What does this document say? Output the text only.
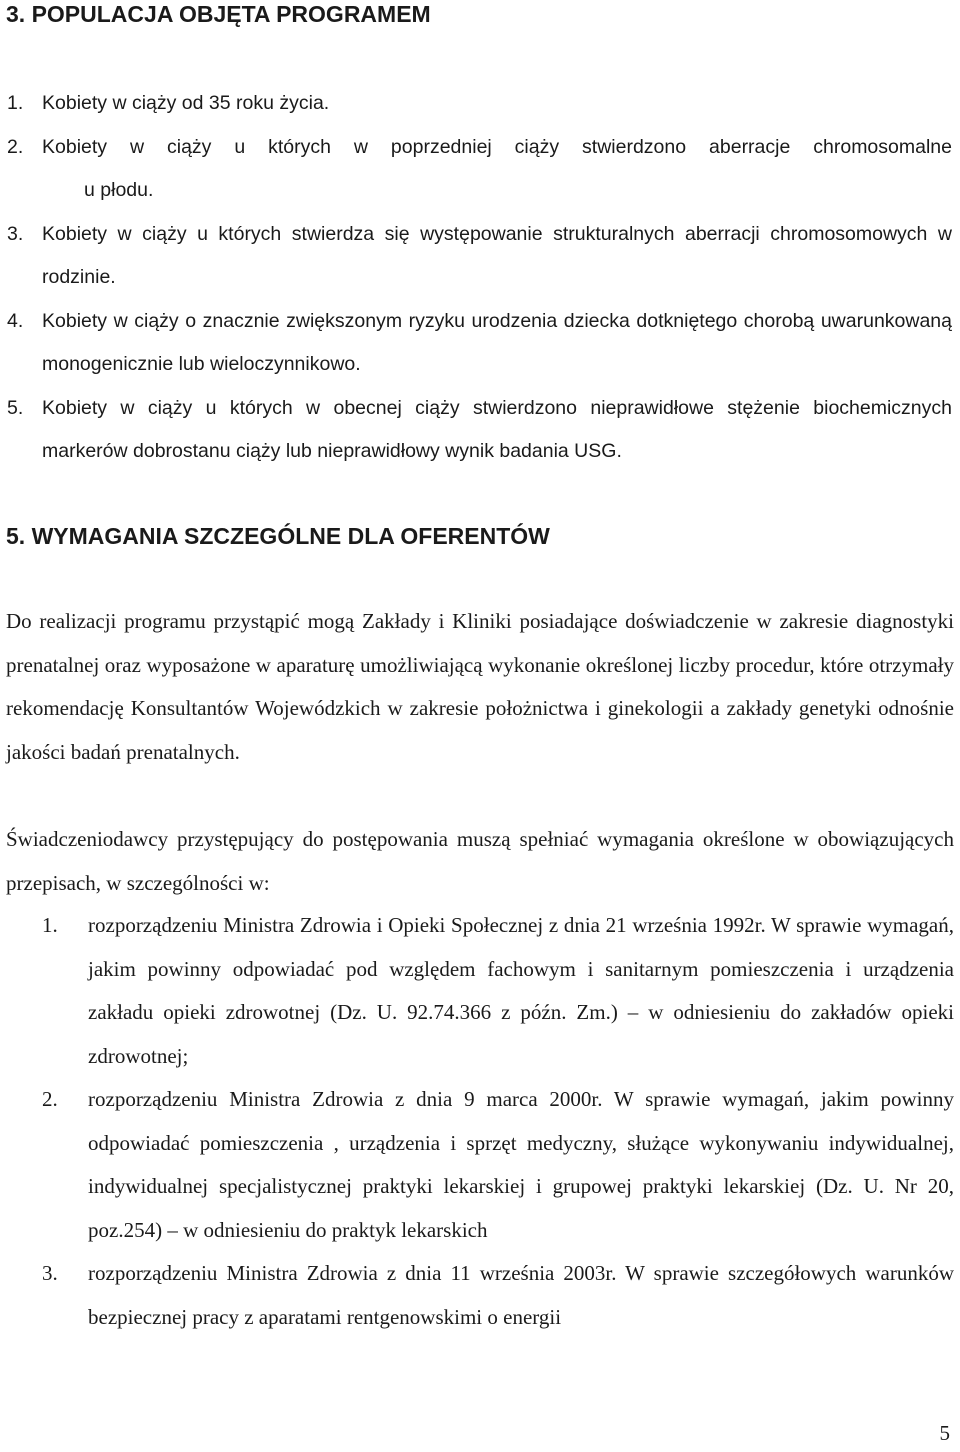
3. POPULACJA OBJĘTA PROGRAMEM
1. Kobiety w ciąży od 35 roku życia.
2. Kobiety w ciąży u których w poprzedniej ciąży stwierdzono aberracje chromosomalne
u płodu.
3. Kobiety w ciąży u których stwierdza się występowanie strukturalnych aberracji chromosomowych w rodzinie.
4. Kobiety w ciąży o znacznie zwiększonym ryzyku urodzenia dziecka dotkniętego chorobą uwarunkowaną monogenicznie lub wieloczynnikowo.
5. Kobiety w ciąży u których w obecnej ciąży stwierdzono nieprawidłowe stężenie biochemicznych markerów dobrostanu ciąży lub nieprawidłowy wynik badania USG.
5. WYMAGANIA SZCZEGÓLNE DLA OFERENTÓW

Do realizacji programu przystąpić mogą Zakłady i Kliniki posiadające doświadczenie w zakresie diagnostyki prenatalnej oraz wyposażone w aparaturę umożliwiającą wykonanie określonej liczby procedur, które otrzymały rekomendację Konsultantów Wojewódzkich w zakresie położnictwa i ginekologii a zakłady genetyki odnośnie jakości badań prenatalnych.

Świadczeniodawcy przystępujący do postępowania muszą spełniać wymagania określone w obowiązujących przepisach, w szczególności w:

1. rozporządzeniu Ministra Zdrowia i Opieki Społecznej z dnia 21 września 1992r. W sprawie wymagań, jakim powinny odpowiadać pod względem fachowym i sanitarnym pomieszczenia i urządzenia zakładu opieki zdrowotnej (Dz. U. 92.74.366 z późn. Zm.) – w odniesieniu do zakładów opieki zdrowotnej;
2. rozporządzeniu Ministra Zdrowia z dnia 9 marca 2000r. W sprawie wymagań, jakim powinny odpowiadać pomieszczenia , urządzenia i sprzęt medyczny, służące wykonywaniu indywidualnej, indywidualnej specjalistycznej praktyki lekarskiej i grupowej praktyki lekarskiej (Dz. U. Nr 20, poz.254) – w odniesieniu do praktyk lekarskich
3. rozporządzeniu Ministra Zdrowia z dnia 11 września 2003r. W sprawie szczegółowych warunków bezpiecznej pracy z aparatami rentgenowskimi o energii
5
